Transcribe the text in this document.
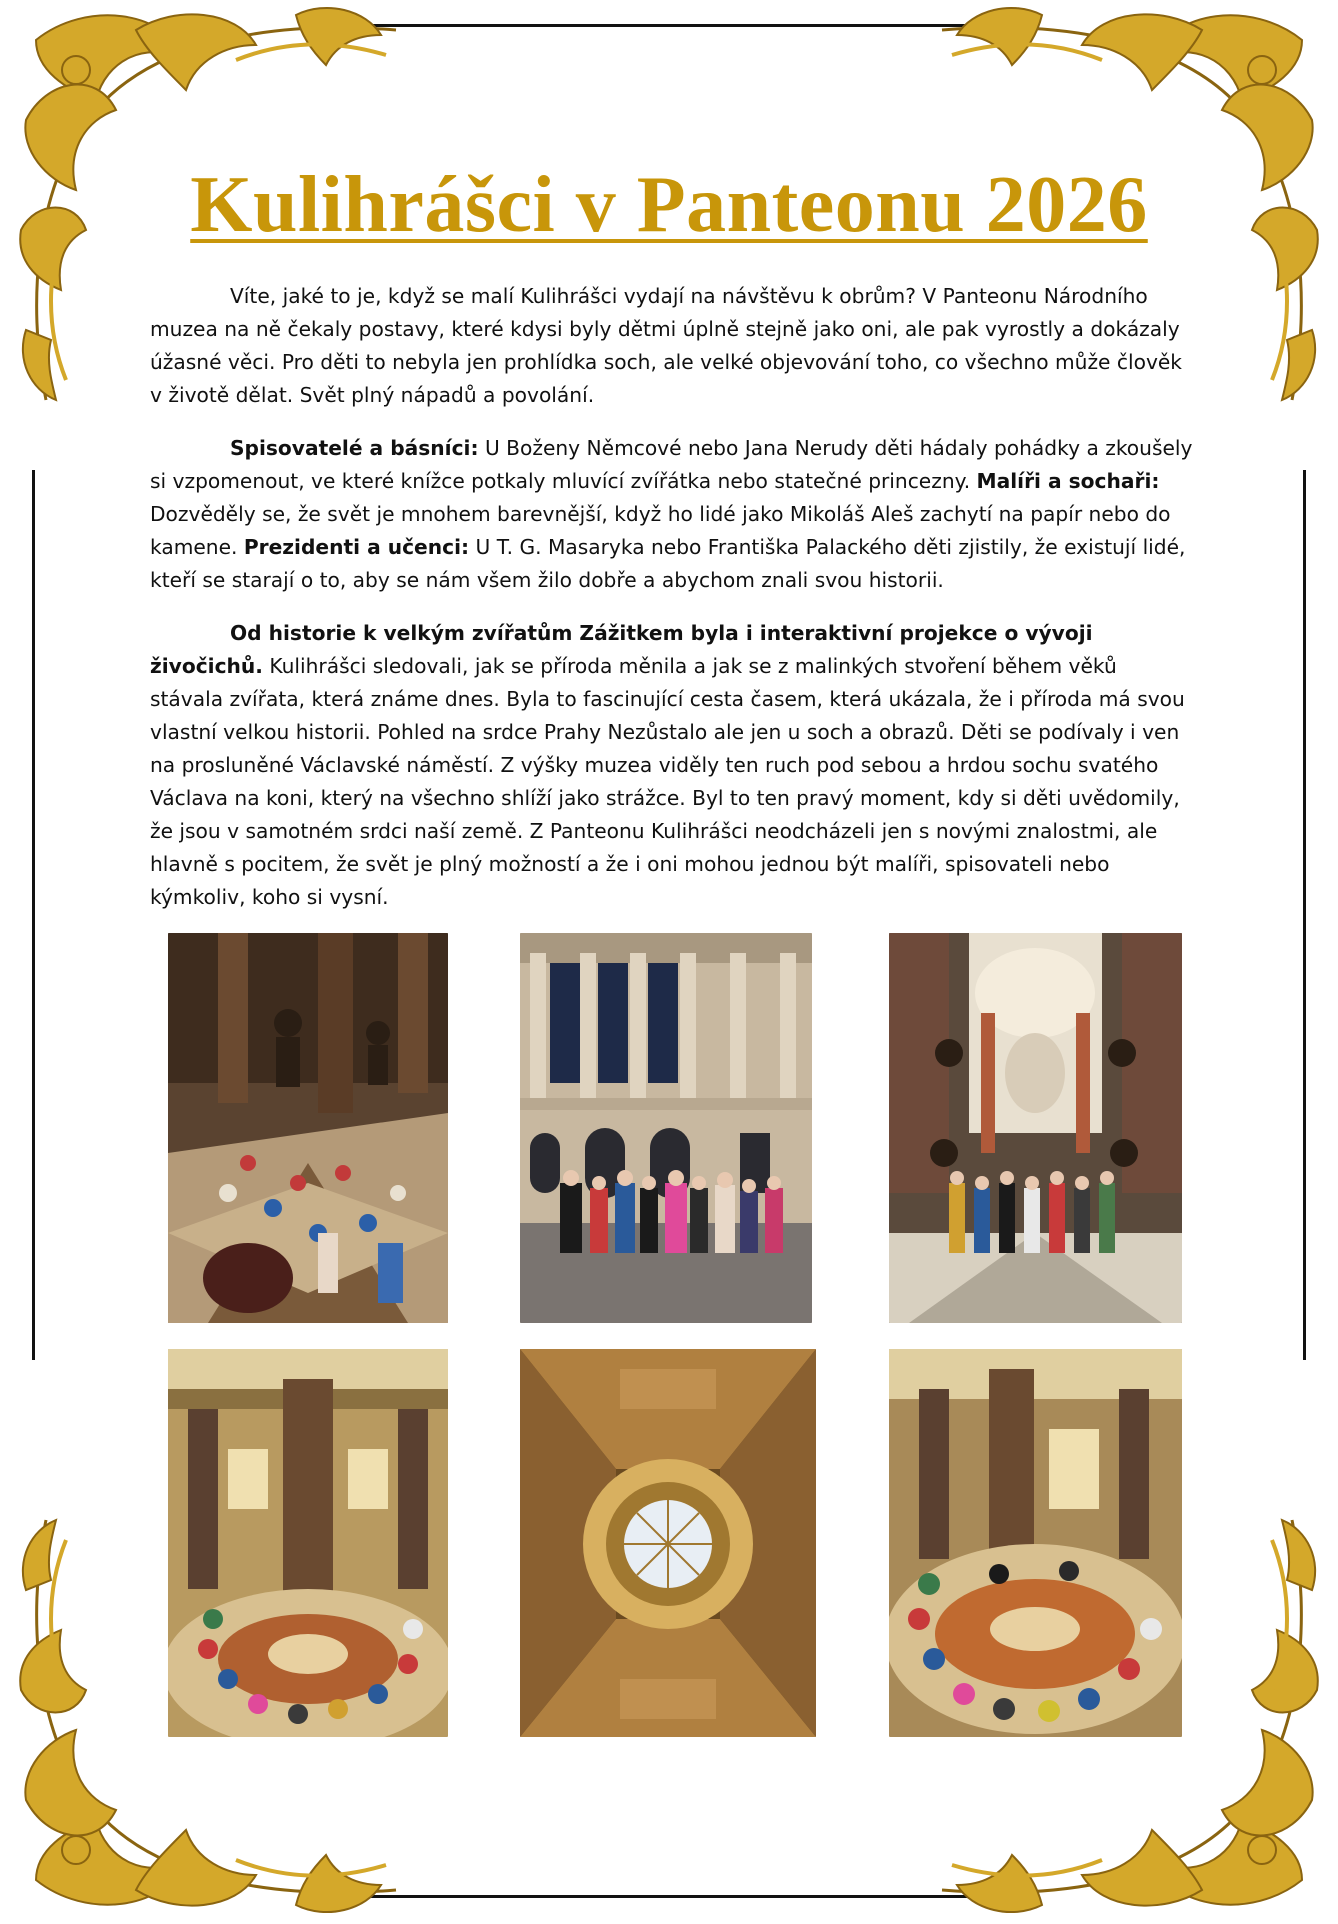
Kulihrášci v Panteonu 2026

Víte, jaké to je, když se malí Kulihrášci vydají na návštěvu k obrům? V Panteonu Národního muzea na ně čekaly postavy, které kdysi byly dětmi úplně stejně jako oni, ale pak vyrostly a dokázaly úžasné věci. Pro děti to nebyla jen prohlídka soch, ale velké objevování toho, co všechno může člověk v životě dělat. Svět plný nápadů a povolání.

Spisovatelé a básníci: U Boženy Němcové nebo Jana Nerudy děti hádaly pohádky a zkoušely si vzpomenout, ve které knížce potkaly mluvící zvířátka nebo statečné princezny. Malíři a sochaři: Dozvěděly se, že svět je mnohem barevnější, když ho lidé jako Mikoláš Aleš zachytí na papír nebo do kamene. Prezidenti a učenci: U T. G. Masaryka nebo Františka Palackého děti zjistily, že existují lidé, kteří se starají o to, aby se nám všem žilo dobře a abychom znali svou historii.

Od historie k velkým zvířatům Zážitkem byla i interaktivní projekce o vývoji živočichů. Kulihrášci sledovali, jak se příroda měnila a jak se z malinkých stvoření během věků stávala zvířata, která známe dnes. Byla to fascinující cesta časem, která ukázala, že i příroda má svou vlastní velkou historii. Pohled na srdce Prahy Nezůstalo ale jen u soch a obrazů. Děti se podívaly i ven na prosluněné Václavské náměstí. Z výšky muzea viděly ten ruch pod sebou a hrdou sochu svatého Václava na koni, který na všechno shlíží jako strážce. Byl to ten pravý moment, kdy si děti uvědomily, že jsou v samotném srdci naší země. Z Panteonu Kulihrášci neodcházeli jen s novými znalostmi, ale hlavně s pocitem, že svět je plný možností a že i oni mohou jednou být malíři, spisovateli nebo kýmkoliv, koho si vysní.
